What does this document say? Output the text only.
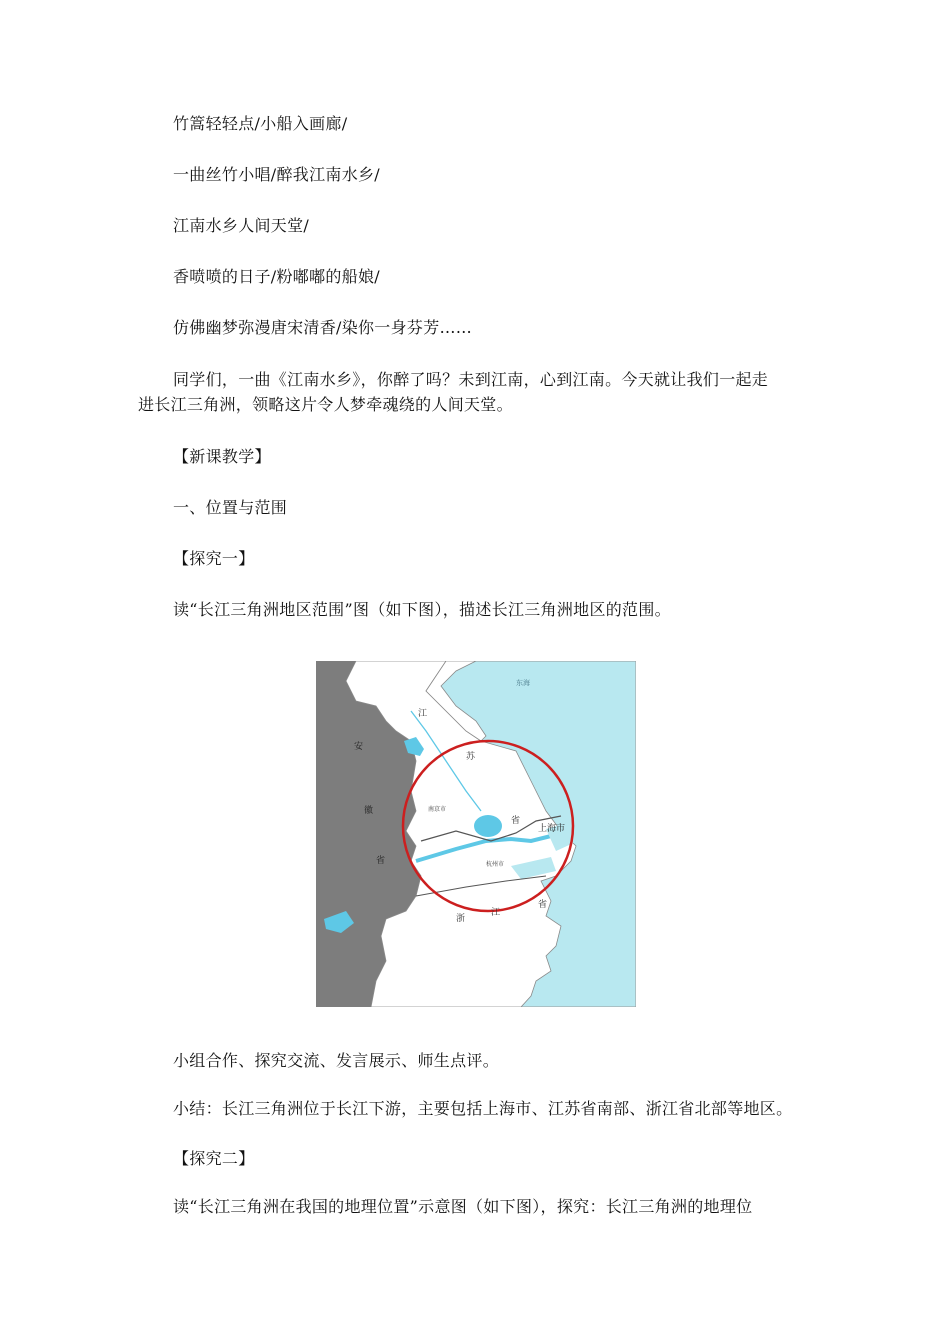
竹篙轻轻点/小船入画廊/
一曲丝竹小唱/醉我江南水乡/
江南水乡人间天堂/
香喷喷的日子/粉嘟嘟的船娘/
仿佛幽梦弥漫唐宋清香/染你一身芬芳……
同学们，一曲《江南水乡》，你醉了吗？未到江南，心到江南。今天就让我们一起走
进长江三角洲，领略这片令人梦牵魂绕的人间天堂。
【新课教学】
一、位置与范围
【探究一】
读“长江三角洲地区范围”图（如下图），描述长江三角洲地区的范围。
江
苏
安
徽
省
省
上海市
南京市
杭州市
浙
江
省
东海
小组合作、探究交流、发言展示、师生点评。
小结：长江三角洲位于长江下游，主要包括上海市、江苏省南部、浙江省北部等地区。
【探究二】
读“长江三角洲在我国的地理位置”示意图（如下图），探究：长江三角洲的地理位
